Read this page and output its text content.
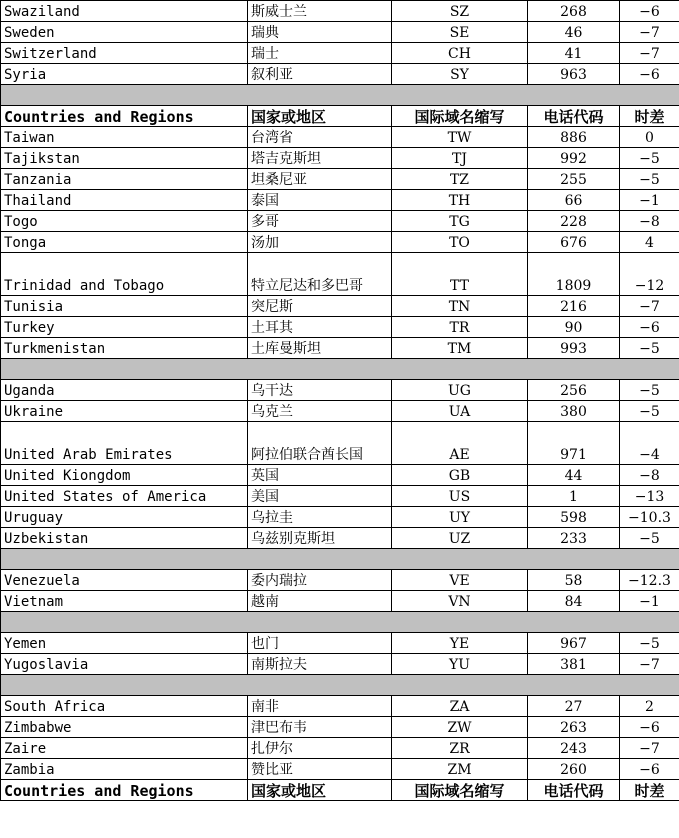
Swaziland	斯威士兰	SZ	268	−6
Sweden	瑞典	SE	46	−7
Switzerland	瑞士	CH	41	−7
Syria	叙利亚	SY	963	−6

Countries and Regions	国家或地区	国际域名缩写	电话代码	时差
Taiwan	台湾省	TW	886	0
Tajikstan	塔吉克斯坦	TJ	992	−5
Tanzania	坦桑尼亚	TZ	255	−5
Thailand	泰国	TH	66	−1
Togo	多哥	TG	228	−8
Tonga	汤加	TO	676	4
Trinidad and Tobago	特立尼达和多巴哥	TT	1809	−12
Tunisia	突尼斯	TN	216	−7
Turkey	土耳其	TR	90	−6
Turkmenistan	土库曼斯坦	TM	993	−5

Uganda	乌干达	UG	256	−5
Ukraine	乌克兰	UA	380	−5
United Arab Emirates	阿拉伯联合酋长国	AE	971	−4
United Kiongdom	英国	GB	44	−8
United States of America	美国	US	1	−13
Uruguay	乌拉圭	UY	598	−10.3
Uzbekistan	乌兹别克斯坦	UZ	233	−5

Venezuela	委内瑞拉	VE	58	−12.3
Vietnam	越南	VN	84	−1

Yemen	也门	YE	967	−5
Yugoslavia	南斯拉夫	YU	381	−7

South Africa	南非	ZA	27	2
Zimbabwe	津巴布韦	ZW	263	−6
Zaire	扎伊尔	ZR	243	−7
Zambia	赞比亚	ZM	260	−6
Countries and Regions	国家或地区	国际域名缩写	电话代码	时差
